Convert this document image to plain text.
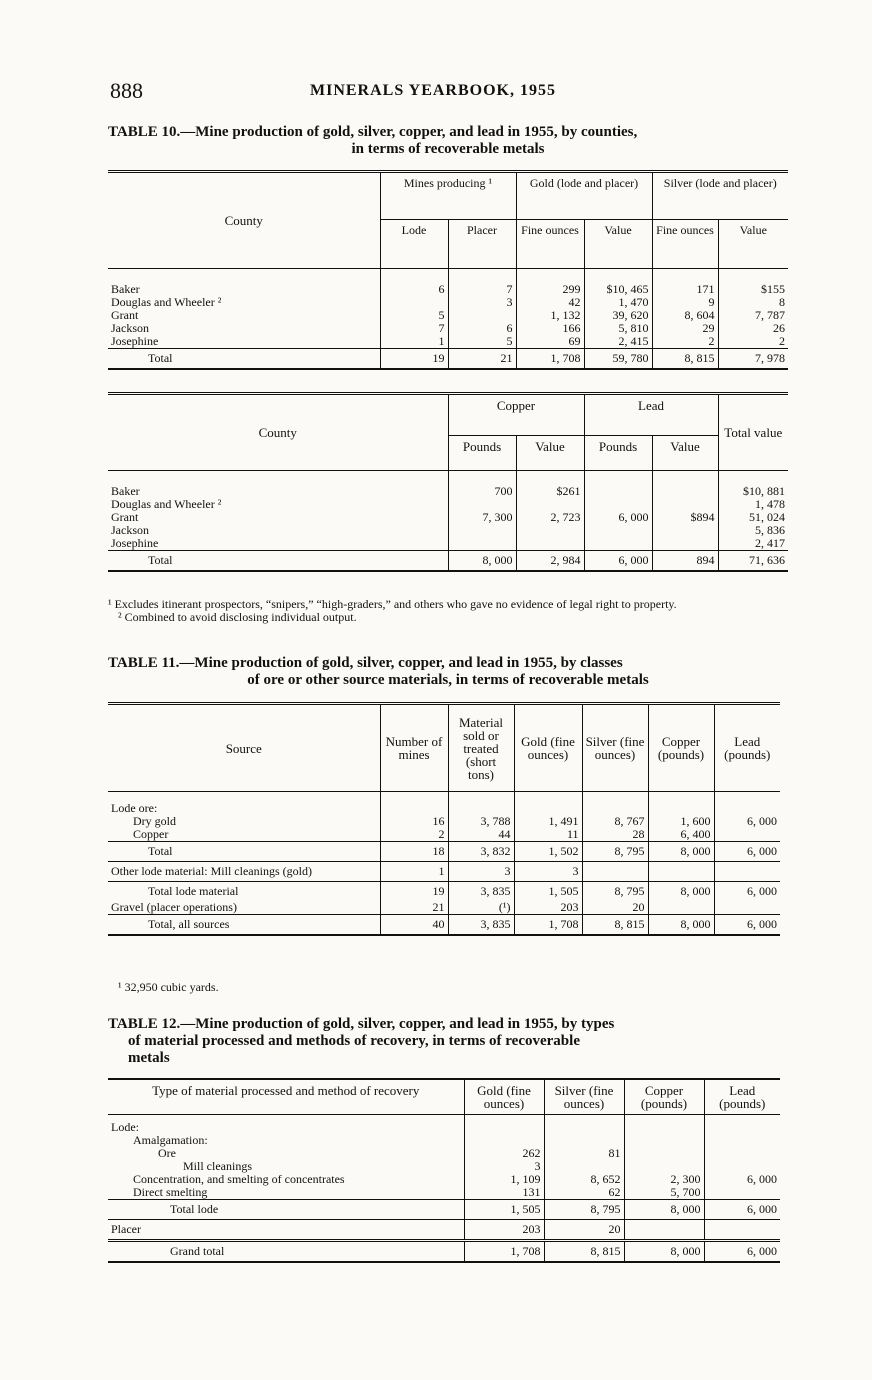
888	MINERALS YEARBOOK, 1955
TABLE 10.—Mine production of gold, silver, copper, and lead in 1955, by counties,
in terms of recoverable metals
County	Mines producing ¹		Gold (lode and placer)		Silver (lode and placer)	
	Lode	Placer	Fine ounces	Value	Fine ounces	Value

Baker	6	7	299	$10, 465	171	$155
Douglas and Wheeler ²		3	42	1, 470	9	8
Grant	5		1, 132	39, 620	8, 604	7, 787
Jackson	7	6	166	5, 810	29	26
Josephine	1	5	69	2, 415	2	2
Total	19	21	1, 708	59, 780	8, 815	7, 978
County	Copper		Lead		Total value
	Pounds	Value	Pounds	Value	

Baker	700	$261			$10, 881
Douglas and Wheeler ²					1, 478
Grant	7, 300	2, 723	6, 000	$894	51, 024
Jackson					5, 836
Josephine					2, 417
Total	8, 000	2, 984	6, 000	894	71, 636
¹ Excludes itinerant prospectors, “snipers,” “high-graders,” and others who gave no evidence of legal right to property.
² Combined to avoid disclosing individual output.
TABLE 11.—Mine production of gold, silver, copper, and lead in 1955, by classes
of ore or other source materials, in terms of recoverable metals
Source	Number of mines	Material sold or treated (short tons)	Gold (fine ounces)	Silver (fine ounces)	Copper (pounds)	Lead (pounds)
Lode ore:						
Dry gold	16	3, 788	1, 491	8, 767	1, 600	6, 000
Copper	2	44	11	28	6, 400	
Total	18	3, 832	1, 502	8, 795	8, 000	6, 000
Other lode material: Mill cleanings (gold)	1	3	3			
Total lode material	19	3, 835	1, 505	8, 795	8, 000	6, 000
Gravel (placer operations)	21	(¹)	203	20		
Total, all sources	40	3, 835	1, 708	8, 815	8, 000	6, 000
¹ 32,950 cubic yards.
TABLE 12.—Mine production of gold, silver, copper, and lead in 1955, by types
of material processed and methods of recovery, in terms of recoverable
metals
Type of material processed and method of recovery	Gold (fine ounces)	Silver (fine ounces)	Copper (pounds)	Lead (pounds)
Lode:				
Amalgamation:				
Ore	262	81		
Mill cleanings	3			
Concentration, and smelting of concentrates	1, 109	8, 652	2, 300	6, 000
Direct smelting	131	62	5, 700	
Total lode	1, 505	8, 795	8, 000	6, 000
Placer	203	20		
Grand total	1, 708	8, 815	8, 000	6, 000
